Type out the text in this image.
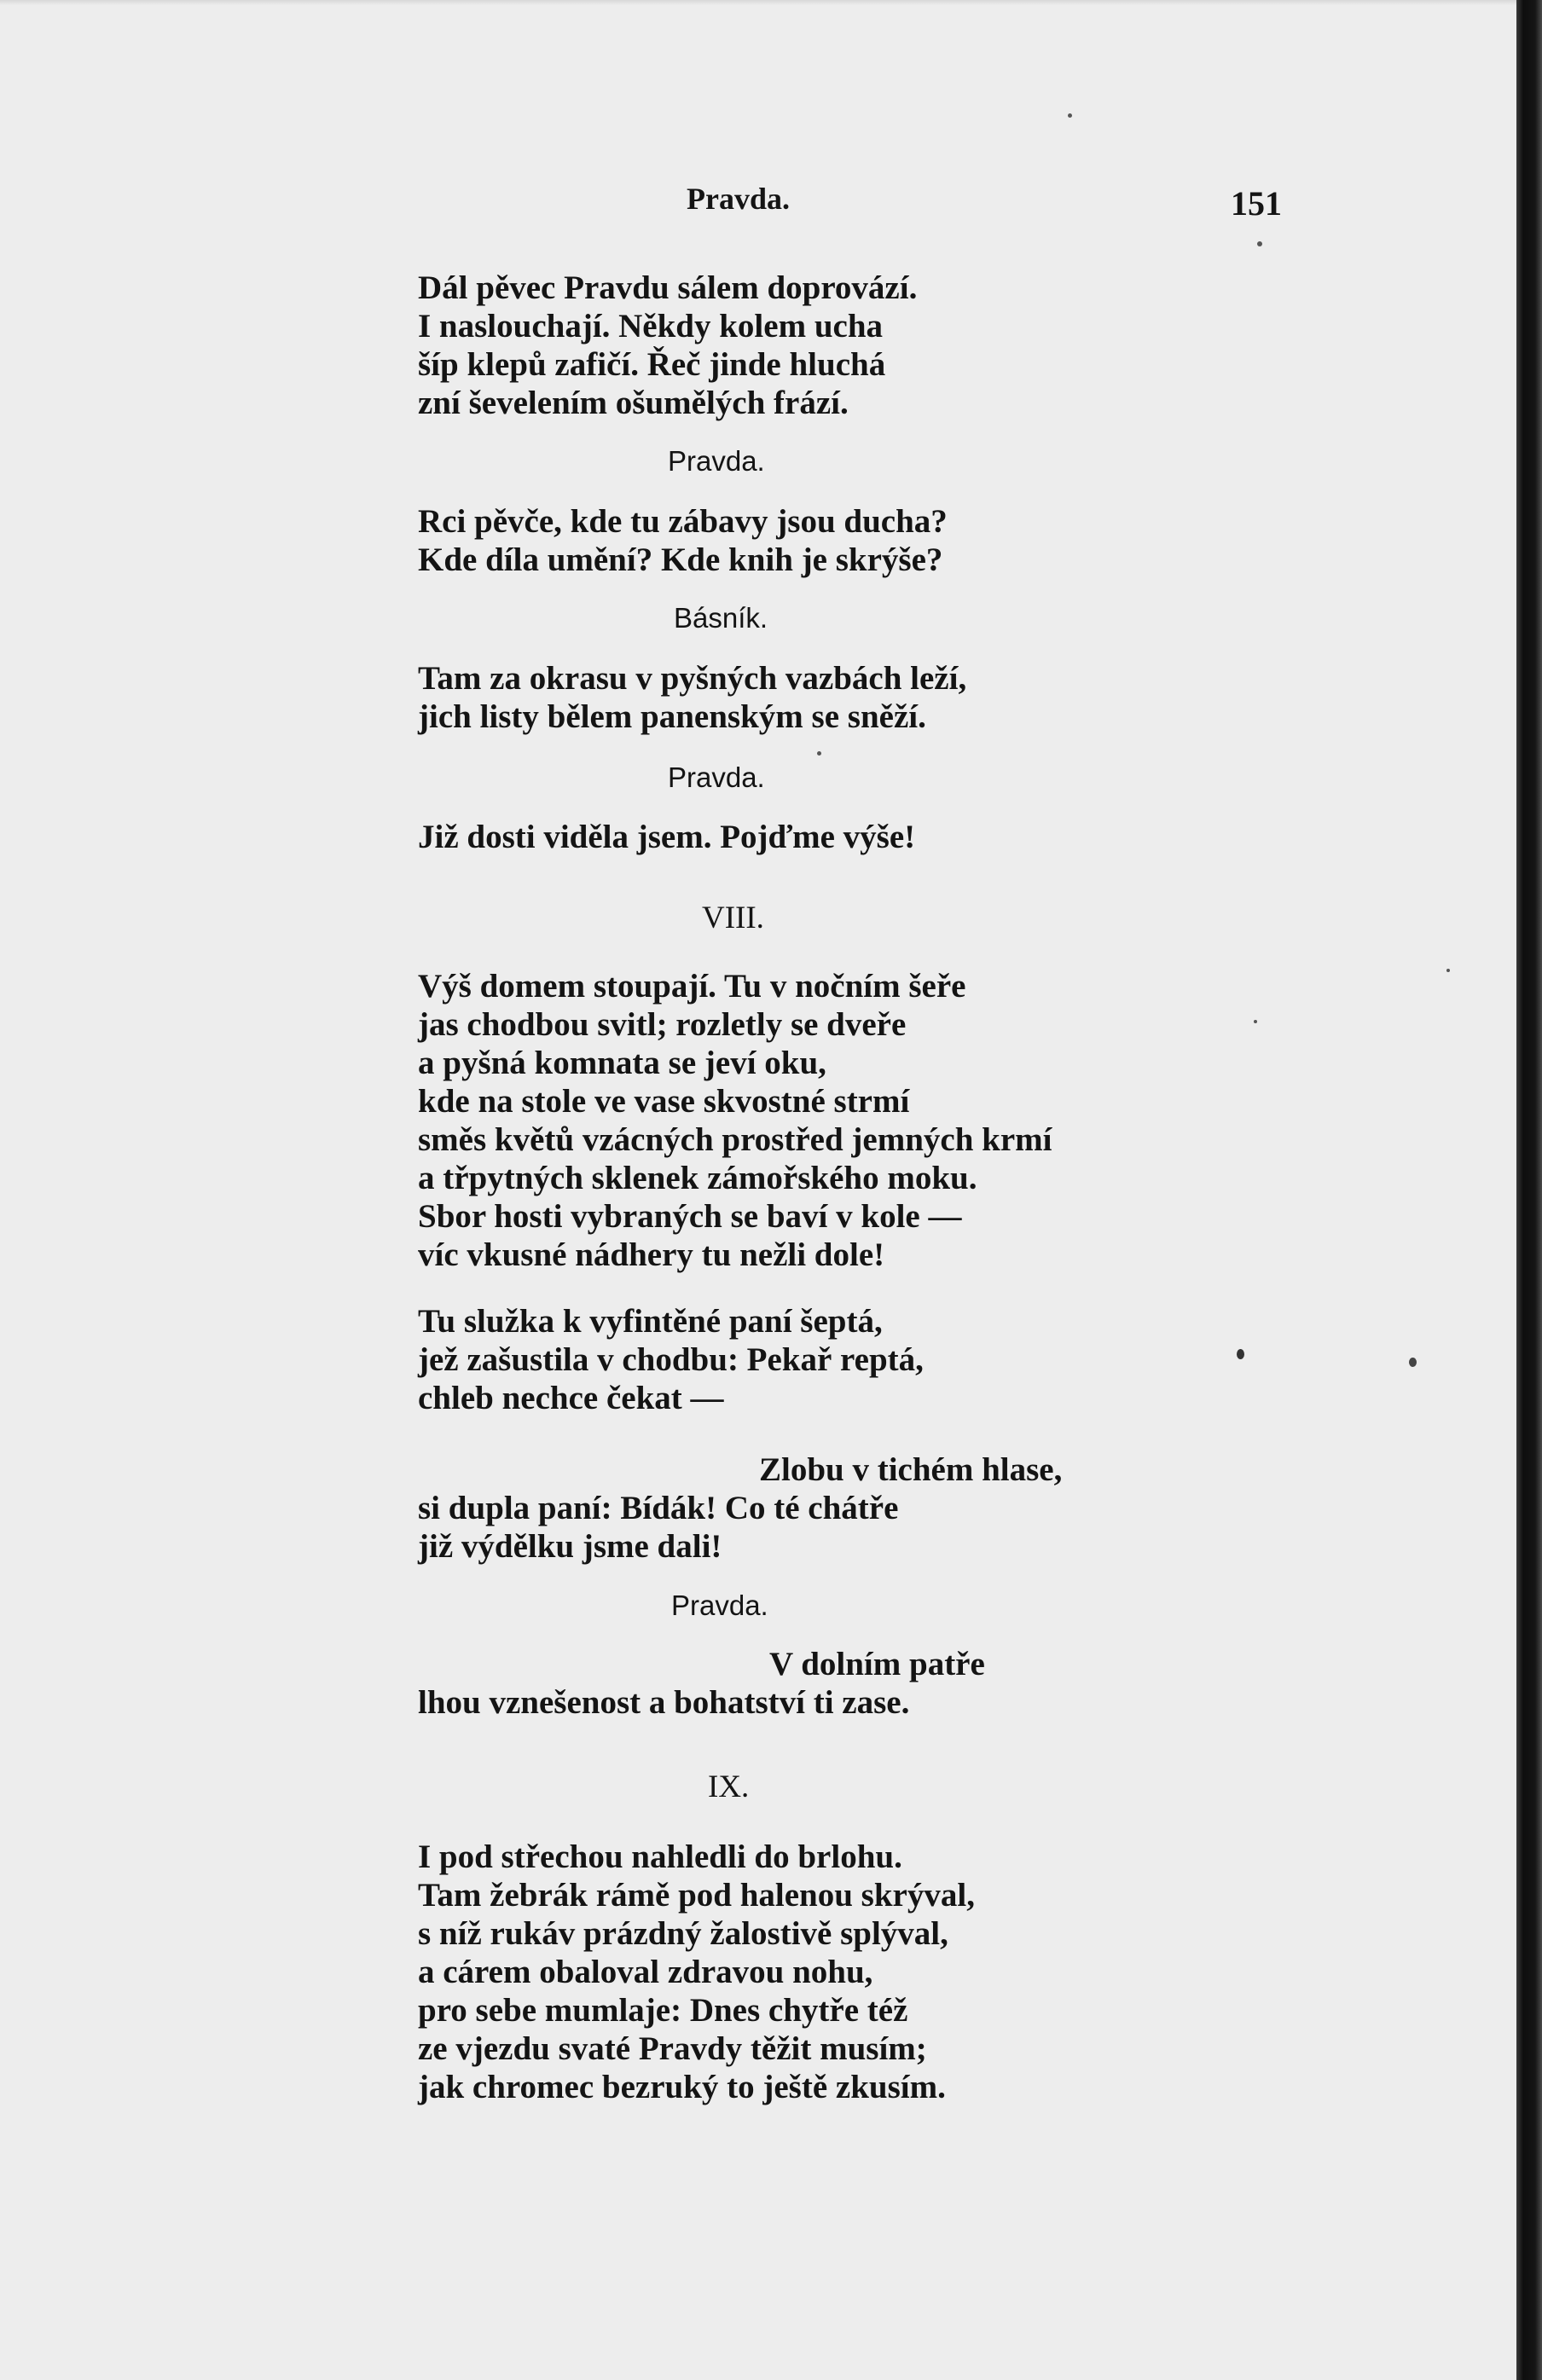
Pravda.	151
Dál pěvec Pravdu sálem doprovází.
I naslouchají. Někdy kolem ucha
šíp klepů zafičí. Řeč jinde hluchá
zní ševelením ošumělých frází.
Pravda.
Rci pěvče, kde tu zábavy jsou ducha?
Kde díla umění? Kde knih je skrýše?
Básník.
Tam za okrasu v pyšných vazbách leží,
jich listy bělem panenským se sněží.
Pravda.
Již dosti viděla jsem. Pojďme výše!
VIII.
Výš domem stoupají. Tu v nočním šeře
jas chodbou svitl; rozletly se dveře
a pyšná komnata se jeví oku,
kde na stole ve vase skvostné strmí
směs květů vzácných prostřed jemných krmí
a třpytných sklenek zámořského moku.
Sbor hosti vybraných se baví v kole —
víc vkusné nádhery tu nežli dole!
Tu služka k vyfintěné paní šeptá,
jež zašustila v chodbu: Pekař reptá,
chleb nechce čekat —
Zlobu v tichém hlase,
si dupla paní: Bídák! Co té chátře
již výdělku jsme dali!
Pravda.
V dolním patře
lhou vznešenost a bohatství ti zase.
IX.
I pod střechou nahledli do brlohu.
Tam žebrák rámě pod halenou skrýval,
s níž rukáv prázdný žalostivě splýval,
a cárem obaloval zdravou nohu,
pro sebe mumlaje: Dnes chytře též
ze vjezdu svaté Pravdy těžit musím;
jak chromec bezruký to ještě zkusím.
